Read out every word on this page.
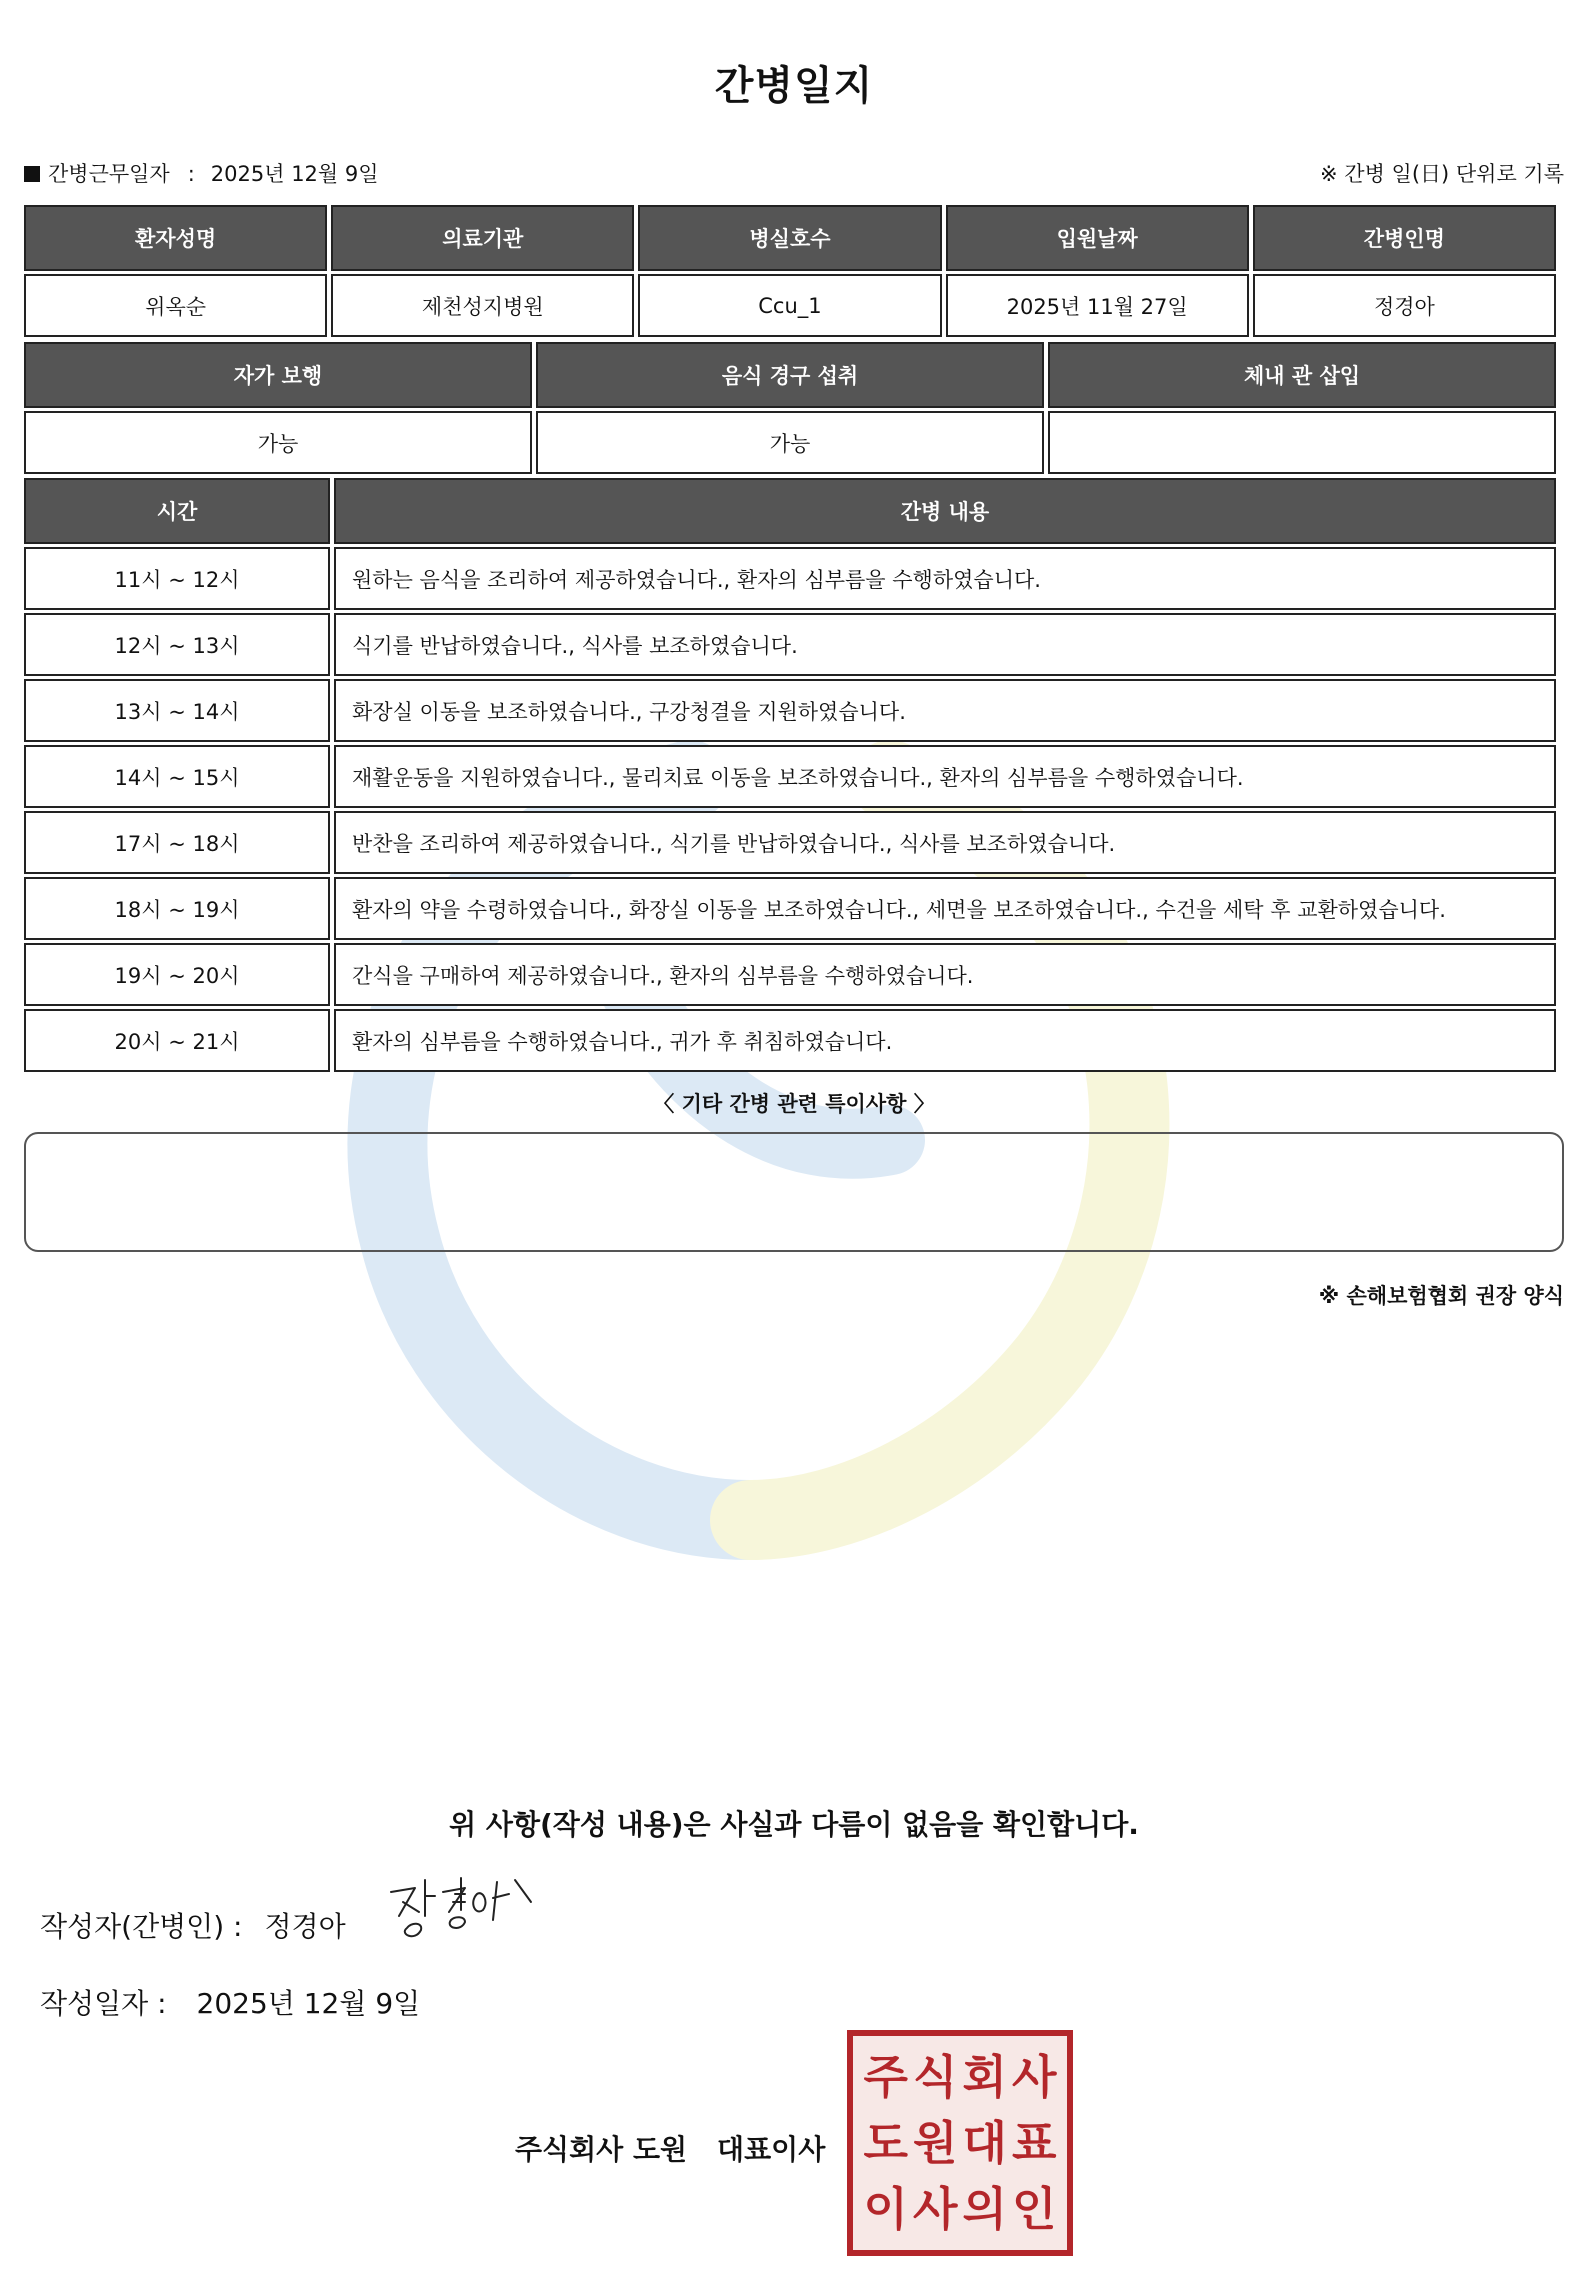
간병일지
간병근무일자 : 2025년 12월 9일	※ 간병 일(日) 단위로 기록
환자성명	의료기관	병실호수	입원날짜	간병인명
위옥순	제천성지병원	Ccu_1	2025년 11월 27일	정경아
자가 보행	음식 경구 섭취	체내 관 삽입
가능	가능	
시간	간병 내용
11시 ~ 12시	원하는 음식을 조리하여 제공하였습니다., 환자의 심부름을 수행하였습니다.
12시 ~ 13시	식기를 반납하였습니다., 식사를 보조하였습니다.
13시 ~ 14시	화장실 이동을 보조하였습니다., 구강청결을 지원하였습니다.
14시 ~ 15시	재활운동을 지원하였습니다., 물리치료 이동을 보조하였습니다., 환자의 심부름을 수행하였습니다.
17시 ~ 18시	반찬을 조리하여 제공하였습니다., 식기를 반납하였습니다., 식사를 보조하였습니다.
18시 ~ 19시	환자의 약을 수령하였습니다., 화장실 이동을 보조하였습니다., 세면을 보조하였습니다., 수건을 세탁 후 교환하였습니다.
19시 ~ 20시	간식을 구매하여 제공하였습니다., 환자의 심부름을 수행하였습니다.
20시 ~ 21시	환자의 심부름을 수행하였습니다., 귀가 후 취침하였습니다.
〈 기타 간병 관련 특이사항 〉
※ 손해보험협회 권장 양식
위 사항(작성 내용)은 사실과 다름이 없음을 확인합니다.
작성자(간병인) : 정경아
작성일자 : 2025년 12월 9일
주식회사 도원 대표이사
주 식 회 사
도 원 대 표
이 사 의 인
